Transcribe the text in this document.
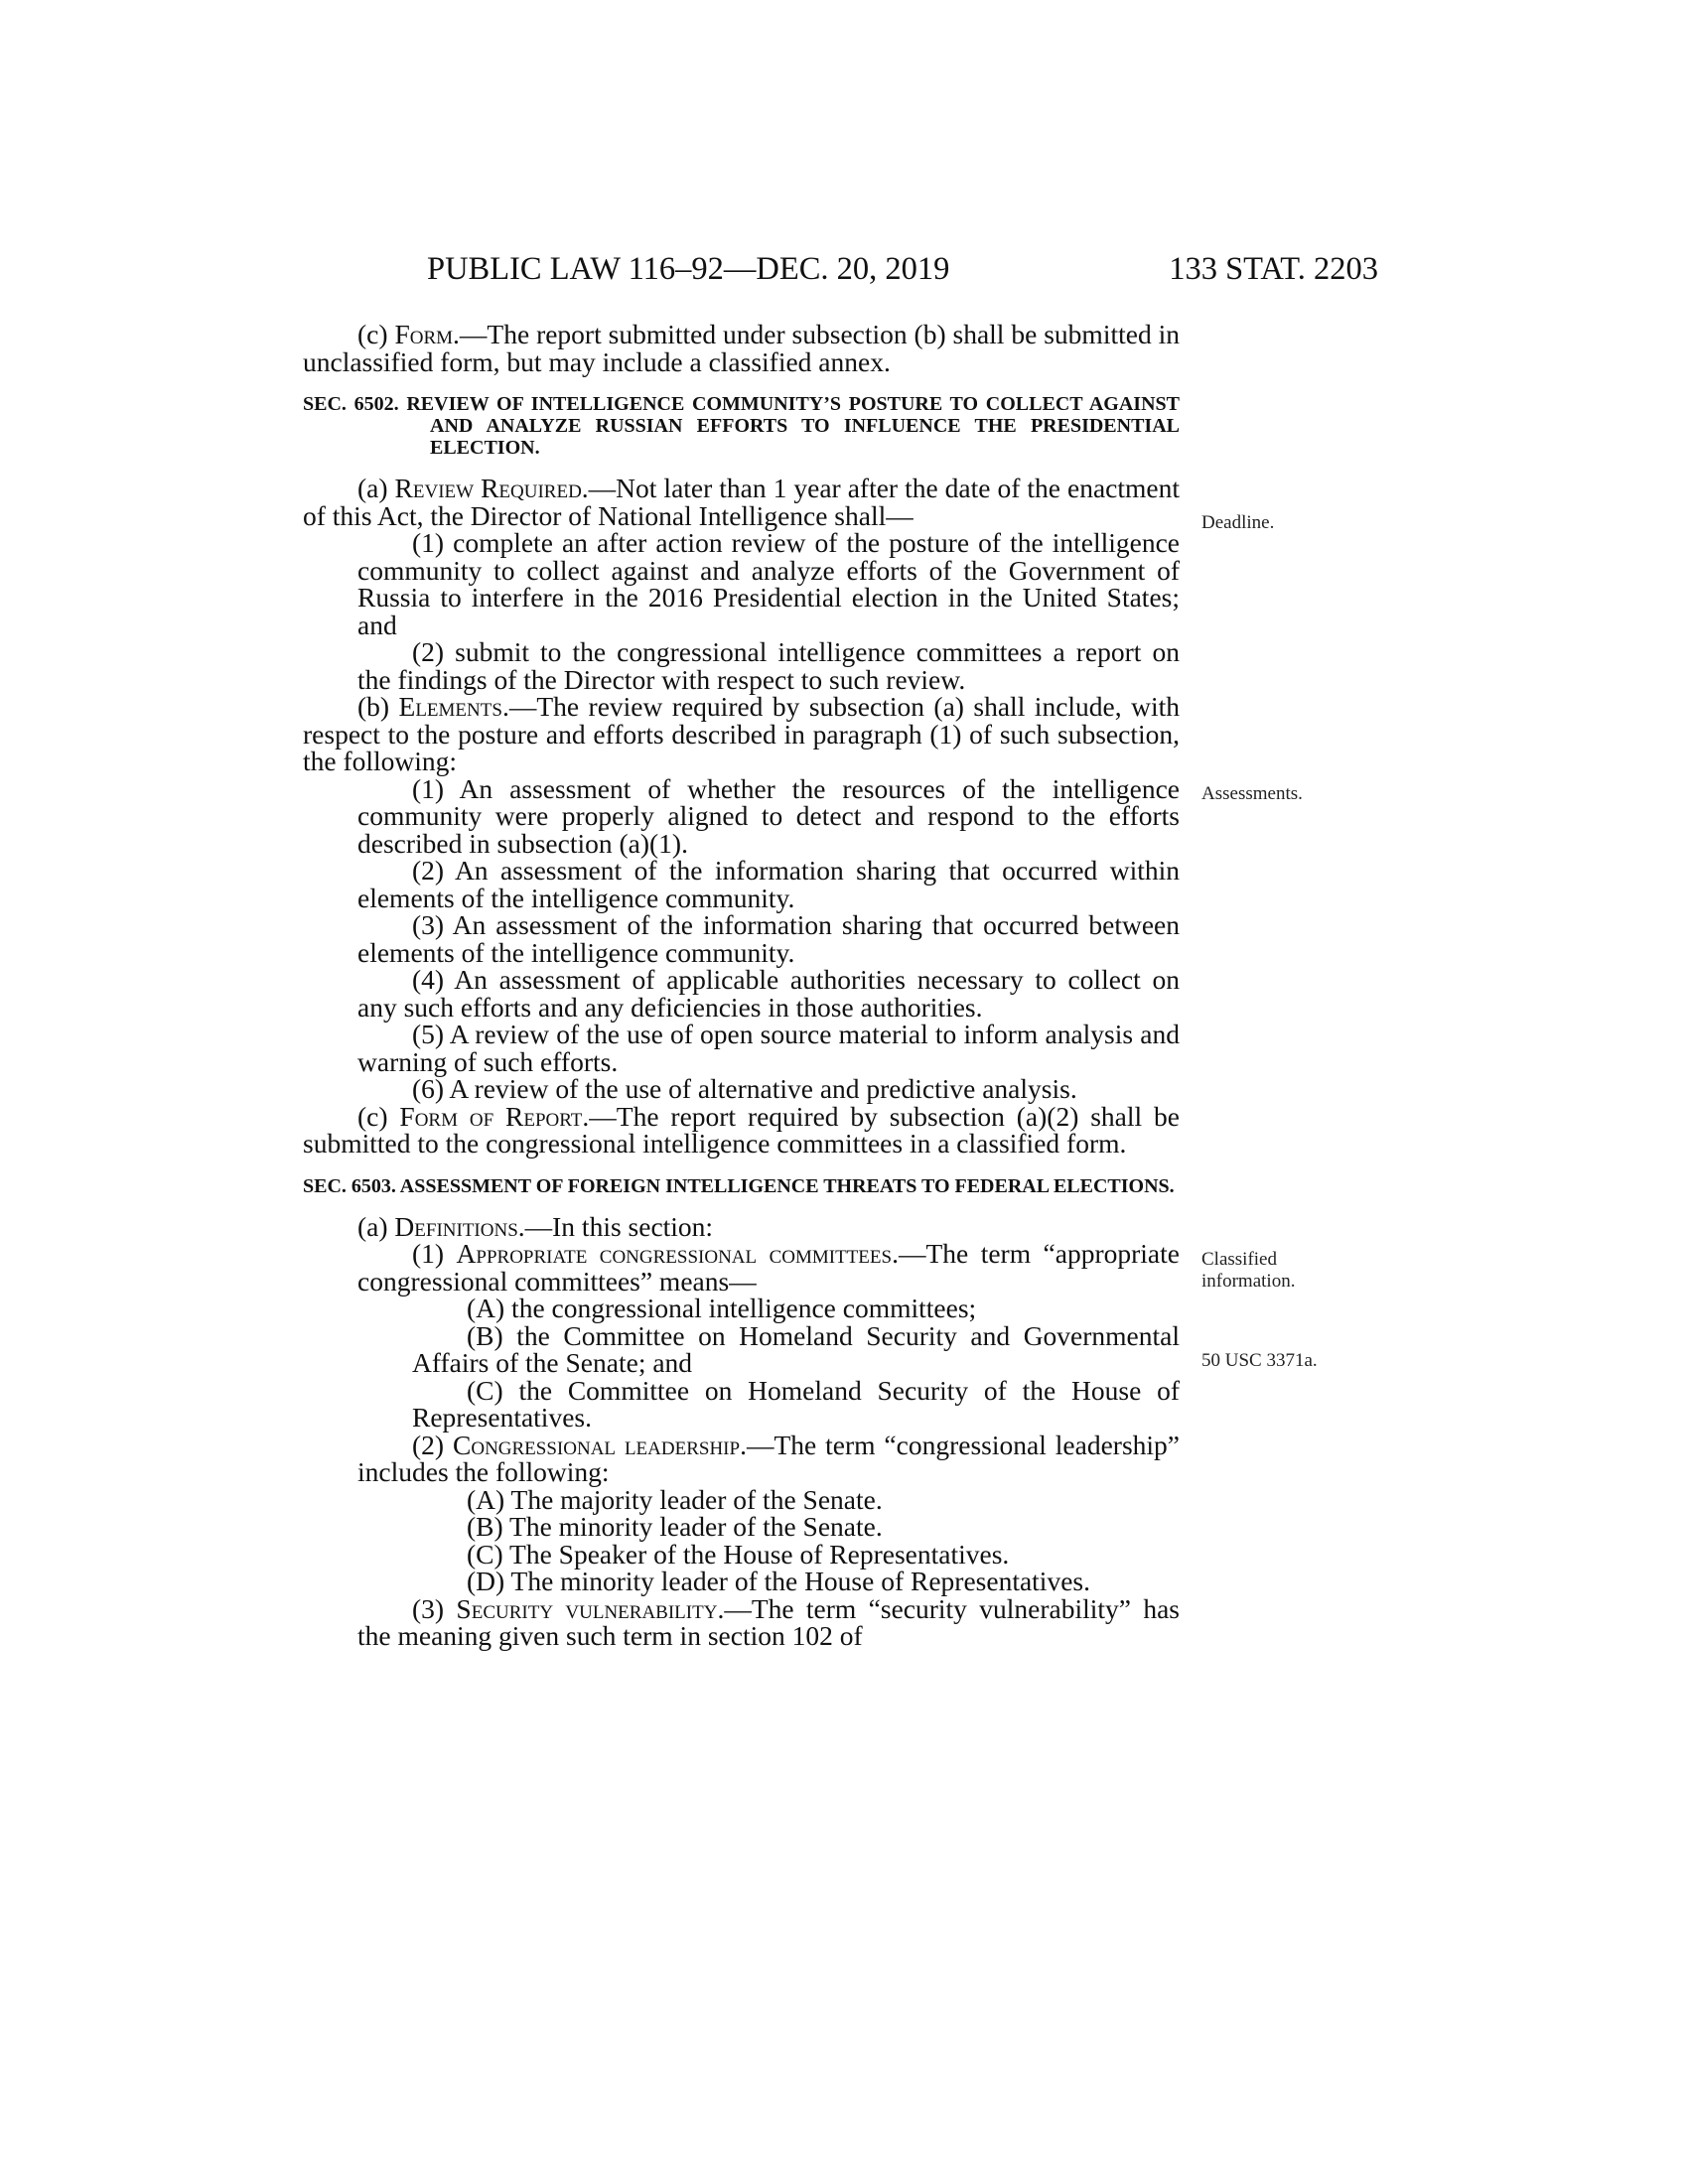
PUBLIC LAW 116–92—DEC. 20, 2019	133 STAT. 2203

(c) Form.—The report submitted under subsection (b) shall be submitted in unclassified form, but may include a classified annex.

SEC. 6502. REVIEW OF INTELLIGENCE COMMUNITY’S POSTURE TO COLLECT AGAINST AND ANALYZE RUSSIAN EFFORTS TO INFLUENCE THE PRESIDENTIAL ELECTION.

(a) Review Required.—Not later than 1 year after the date of the enactment of this Act, the Director of National Intelligence shall—

(1) complete an after action review of the posture of the intelligence community to collect against and analyze efforts of the Government of Russia to interfere in the 2016 Presidential election in the United States; and

(2) submit to the congressional intelligence committees a report on the findings of the Director with respect to such review.

(b) Elements.—The review required by subsection (a) shall include, with respect to the posture and efforts described in paragraph (1) of such subsection, the following:

(1) An assessment of whether the resources of the intelligence community were properly aligned to detect and respond to the efforts described in subsection (a)(1).

(2) An assessment of the information sharing that occurred within elements of the intelligence community.

(3) An assessment of the information sharing that occurred between elements of the intelligence community.

(4) An assessment of applicable authorities necessary to collect on any such efforts and any deficiencies in those authorities.

(5) A review of the use of open source material to inform analysis and warning of such efforts.

(6) A review of the use of alternative and predictive analysis.

(c) Form of Report.—The report required by subsection (a)(2) shall be submitted to the congressional intelligence committees in a classified form.

SEC. 6503. ASSESSMENT OF FOREIGN INTELLIGENCE THREATS TO FEDERAL ELECTIONS.

(a) Definitions.—In this section:

(1) Appropriate congressional committees.—The term “appropriate congressional committees” means—

(A) the congressional intelligence committees;

(B) the Committee on Homeland Security and Governmental Affairs of the Senate; and

(C) the Committee on Homeland Security of the House of Representatives.

(2) Congressional leadership.—The term “congressional leadership” includes the following:

(A) The majority leader of the Senate.

(B) The minority leader of the Senate.

(C) The Speaker of the House of Representatives.

(D) The minority leader of the House of Representatives.

(3) Security vulnerability.—The term “security vulnerability” has the meaning given such term in section 102 of

Deadline.
Assessments.
Classified
information.
50 USC 3371a.
